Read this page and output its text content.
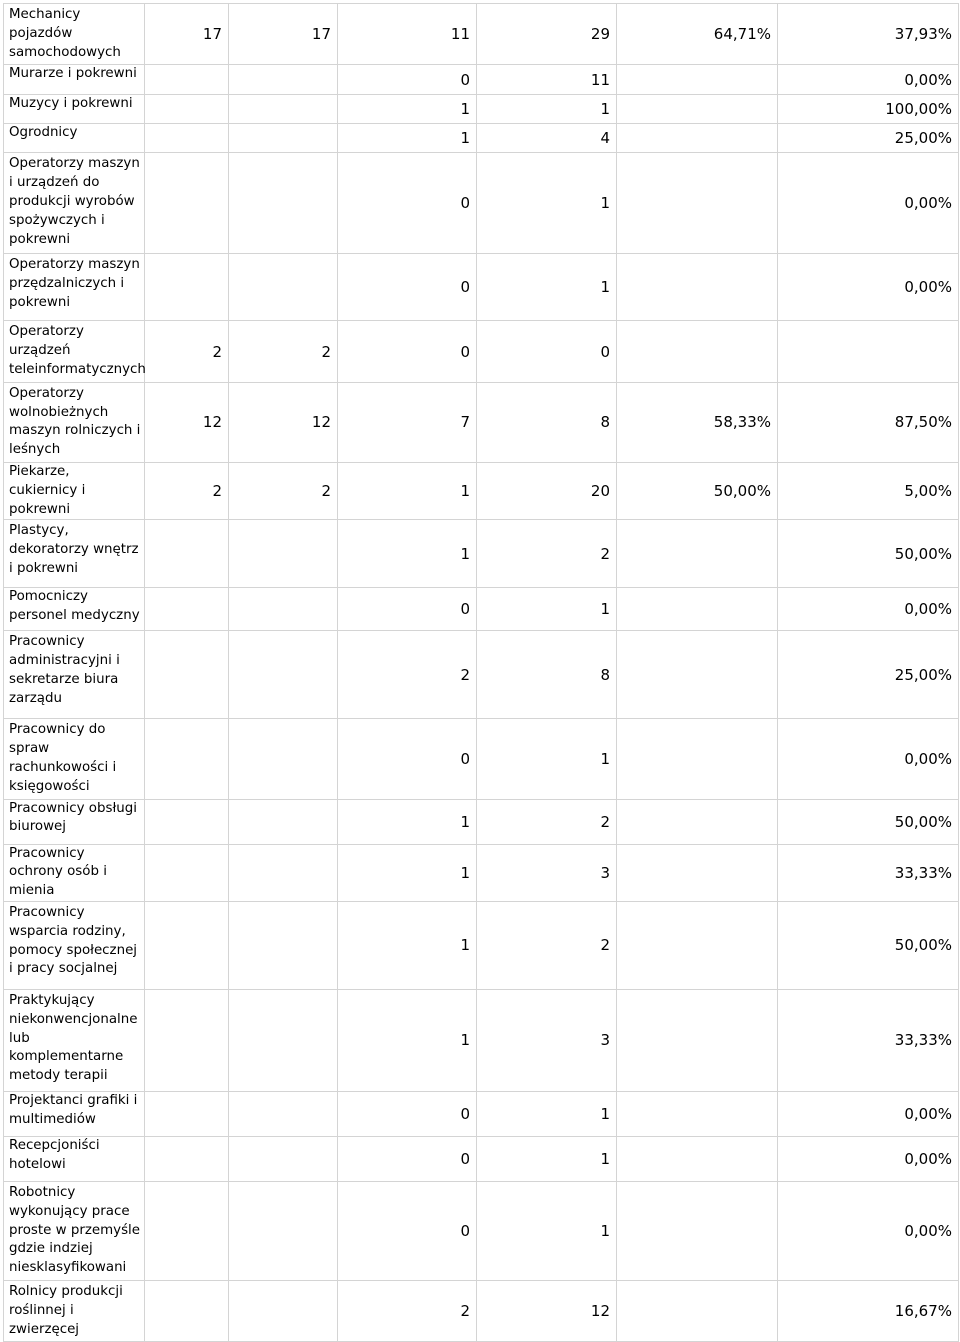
Mechanicy pojazdów samochodowych	17	17	11	29	64,71%	37,93%
Murarze i pokrewni			0	11		0,00%
Muzycy i pokrewni			1	1		100,00%
Ogrodnicy			1	4		25,00%
Operatorzy maszyn i urządzeń do produkcji wyrobów spożywczych i pokrewni			0	1		0,00%
Operatorzy maszyn przędzalniczych i pokrewni			0	1		0,00%
Operatorzy urządzeń teleinformatycznych	2	2	0	0		
Operatorzy wolnobieżnych maszyn rolniczych i leśnych	12	12	7	8	58,33%	87,50%
Piekarze, cukiernicy i pokrewni	2	2	1	20	50,00%	5,00%
Plastycy, dekoratorzy wnętrz i pokrewni			1	2		50,00%
Pomocniczy personel medyczny			0	1		0,00%
Pracownicy administracyjni i sekretarze biura zarządu			2	8		25,00%
Pracownicy do spraw rachunkowości i księgowości			0	1		0,00%
Pracownicy obsługi biurowej			1	2		50,00%
Pracownicy ochrony osób i mienia			1	3		33,33%
Pracownicy wsparcia rodziny, pomocy społecznej i pracy socjalnej			1	2		50,00%
Praktykujący niekonwencjonalne lub komplementarne metody terapii			1	3		33,33%
Projektanci grafiki i multimediów			0	1		0,00%
Recepcjoniści hotelowi			0	1		0,00%
Robotnicy wykonujący prace proste w przemyśle gdzie indziej niesklasyfikowani			0	1		0,00%
Rolnicy produkcji roślinnej i zwierzęcej			2	12		16,67%
